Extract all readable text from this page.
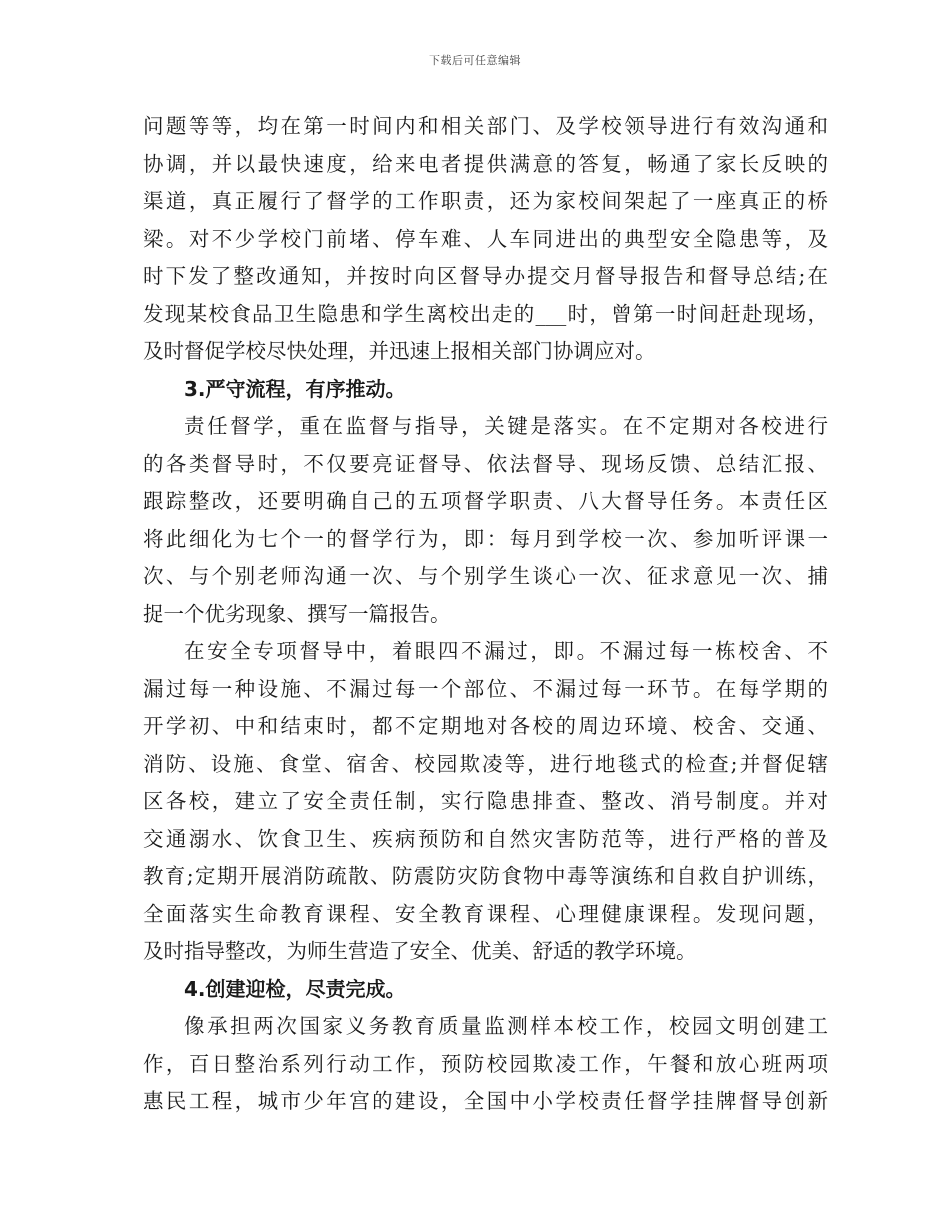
下载后可任意编辑
问题等等，均在第一时间内和相关部门、及学校领导进行有效沟通和
协调，并以最快速度，给来电者提供满意的答复，畅通了家长反映的
渠道，真正履行了督学的工作职责，还为家校间架起了一座真正的桥
梁。对不少学校门前堵、停车难、人车同进出的典型安全隐患等，及
时下发了整改通知，并按时向区督导办提交月督导报告和督导总结;在
发现某校食品卫生隐患和学生离校出走的___时，曾第一时间赶赴现场，
及时督促学校尽快处理，并迅速上报相关部门协调应对。
3.严守流程，有序推动。
责任督学，重在监督与指导，关键是落实。在不定期对各校进行
的各类督导时，不仅要亮证督导、依法督导、现场反馈、总结汇报、
跟踪整改，还要明确自己的五项督学职责、八大督导任务。本责任区
将此细化为七个一的督学行为，即：每月到学校一次、参加听评课一
次、与个别老师沟通一次、与个别学生谈心一次、征求意见一次、捕
捉一个优劣现象、撰写一篇报告。
在安全专项督导中，着眼四不漏过，即。不漏过每一栋校舍、不
漏过每一种设施、不漏过每一个部位、不漏过每一环节。在每学期的
开学初、中和结束时，都不定期地对各校的周边环境、校舍、交通、
消防、设施、食堂、宿舍、校园欺凌等，进行地毯式的检查;并督促辖
区各校，建立了安全责任制，实行隐患排查、整改、消号制度。并对
交通溺水、饮食卫生、疾病预防和自然灾害防范等，进行严格的普及
教育;定期开展消防疏散、防震防灾防食物中毒等演练和自救自护训练，
全面落实生命教育课程、安全教育课程、心理健康课程。发现问题，
及时指导整改，为师生营造了安全、优美、舒适的教学环境。
4.创建迎检，尽责完成。
像承担两次国家义务教育质量监测样本校工作，校园文明创建工
作，百日整治系列行动工作，预防校园欺凌工作，午餐和放心班两项
惠民工程，城市少年宫的建设，全国中小学校责任督学挂牌督导创新
